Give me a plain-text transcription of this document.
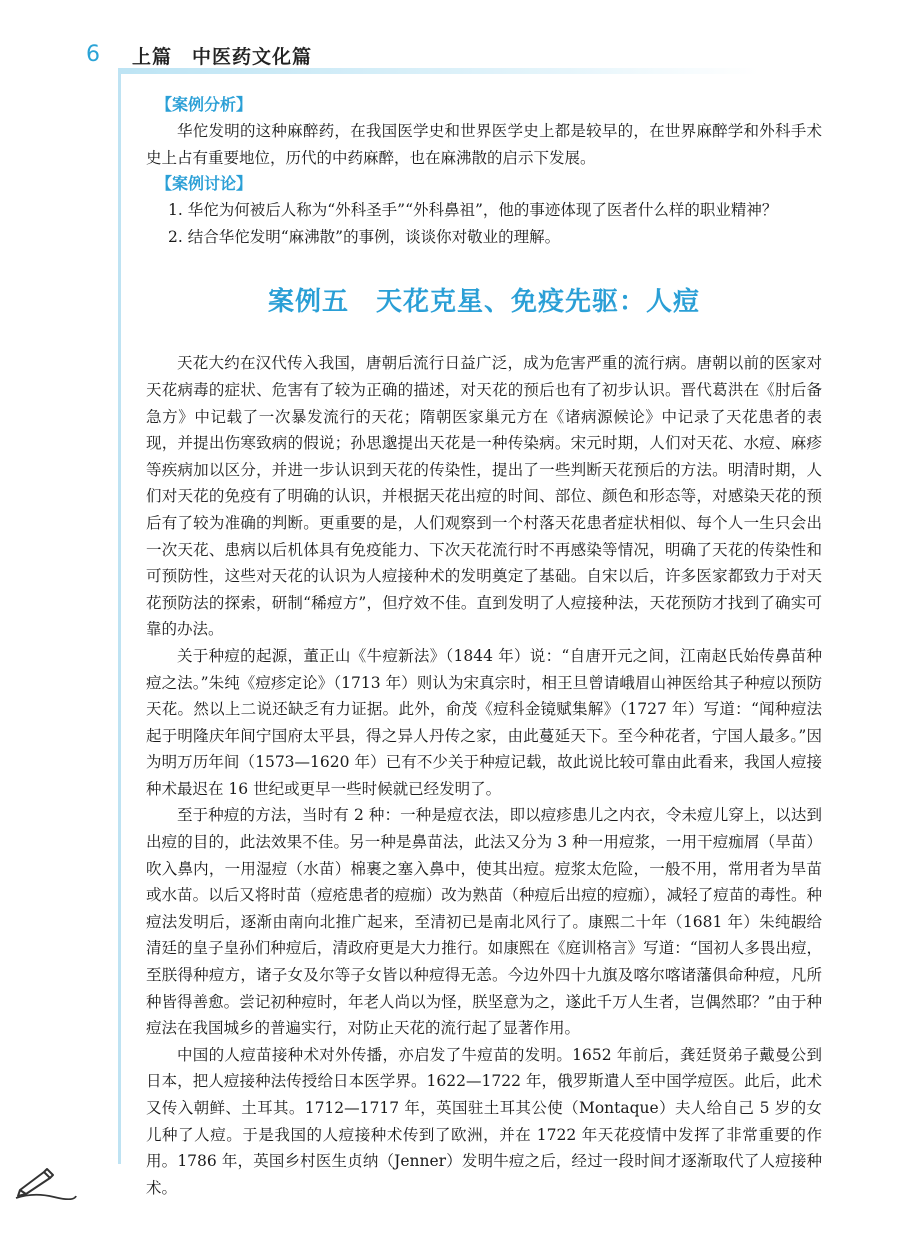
6 上篇　中医药文化篇
【案例分析】

华佗发明的这种麻醉药，在我国医学史和世界医学史上都是较早的，在世界麻醉学和外科手术史上占有重要地位，历代的中药麻醉，也在麻沸散的启示下发展。

【案例讨论】

1. 华佗为何被后人称为“外科圣手”“外科鼻祖”，他的事迹体现了医者什么样的职业精神？

2. 结合华佗发明“麻沸散”的事例，谈谈你对敬业的理解。

案例五　天花克星、免疫先驱：人痘

天花大约在汉代传入我国，唐朝后流行日益广泛，成为危害严重的流行病。唐朝以前的医家对天花病毒的症状、危害有了较为正确的描述，对天花的预后也有了初步认识。晋代葛洪在《肘后备急方》中记载了一次暴发流行的天花；隋朝医家巢元方在《诸病源候论》中记录了天花患者的表现，并提出伤寒致病的假说；孙思邈提出天花是一种传染病。宋元时期，人们对天花、水痘、麻疹等疾病加以区分，并进一步认识到天花的传染性，提出了一些判断天花预后的方法。明清时期，人们对天花的免疫有了明确的认识，并根据天花出痘的时间、部位、颜色和形态等，对感染天花的预后有了较为准确的判断。更重要的是，人们观察到一个村落天花患者症状相似、每个人一生只会出一次天花、患病以后机体具有免疫能力、下次天花流行时不再感染等情况，明确了天花的传染性和可预防性，这些对天花的认识为人痘接种术的发明奠定了基础。自宋以后，许多医家都致力于对天花预防法的探索，研制“稀痘方”，但疗效不佳。直到发明了人痘接种法，天花预防才找到了确实可靠的办法。

关于种痘的起源，董正山《牛痘新法》（1844 年）说：“自唐开元之间，江南赵氏始传鼻苗种痘之法。”朱纯《痘疹定论》（1713 年）则认为宋真宗时，相王旦曾请峨眉山神医给其子种痘以预防天花。然以上二说还缺乏有力证据。此外，俞茂《痘科金镜赋集解》（1727 年）写道：“闻种痘法起于明隆庆年间宁国府太平县，得之异人丹传之家，由此蔓延天下。至今种花者，宁国人最多。”因为明万历年间（1573—1620 年）已有不少关于种痘记载，故此说比较可靠由此看来，我国人痘接种术最迟在 16 世纪或更早一些时候就已经发明了。

至于种痘的方法，当时有 2 种：一种是痘衣法，即以痘疹患儿之内衣，令未痘儿穿上，以达到出痘的目的，此法效果不佳。另一种是鼻苗法，此法又分为 3 种一用痘浆，一用干痘痂屑（旱苗）吹入鼻内，一用湿痘（水苗）棉裹之塞入鼻中，使其出痘。痘浆太危险，一般不用，常用者为旱苗或水苗。以后又将时苗（痘疮患者的痘痂）改为熟苗（种痘后出痘的痘痂），减轻了痘苗的毒性。种痘法发明后，逐渐由南向北推广起来，至清初已是南北风行了。康熙二十年（1681 年）朱纯嘏给清廷的皇子皇孙们种痘后，清政府更是大力推行。如康熙在《庭训格言》写道：“国初人多畏出痘，至朕得种痘方，诸子女及尔等子女皆以种痘得无恙。今边外四十九旗及喀尔喀诸藩俱命种痘，凡所种皆得善愈。尝记初种痘时，年老人尚以为怪，朕坚意为之，遂此千万人生者，岂偶然耶？”由于种痘法在我国城乡的普遍实行，对防止天花的流行起了显著作用。

中国的人痘苗接种术对外传播，亦启发了牛痘苗的发明。1652 年前后，龚廷贤弟子戴曼公到日本，把人痘接种法传授给日本医学界。1622—1722 年，俄罗斯遣人至中国学痘医。此后，此术又传入朝鲜、土耳其。1712—1717 年，英国驻土耳其公使（Montaque）夫人给自己 5 岁的女儿种了人痘。于是我国的人痘接种术传到了欧洲，并在 1722 年天花疫情中发挥了非常重要的作用。1786 年，英国乡村医生贞纳（Jenner）发明牛痘之后，经过一段时间才逐渐取代了人痘接种术。
